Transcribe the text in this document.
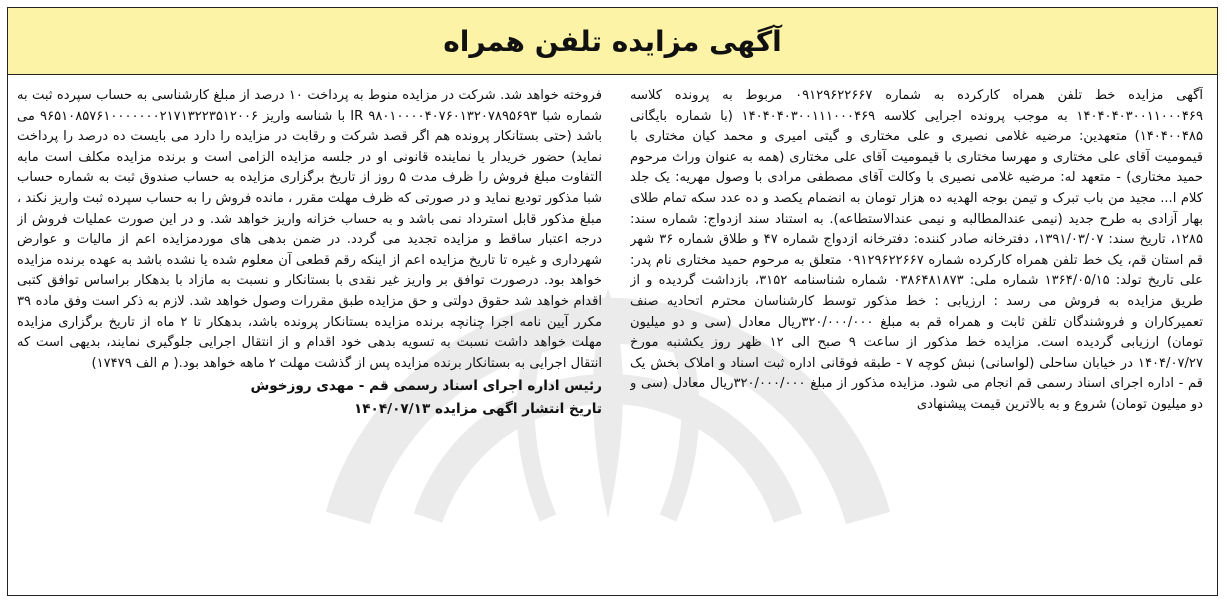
آگهی مزایده تلفن همراه

آگهی مزایده خط تلفن همراه کارکرده به شماره ۰۹۱۲۹۶۲۲۶۶۷ مربوط به پرونده کلاسه ۱۴۰۴۰۴۰۳۰۰۱۱۰۰۰۴۶۹ به موجب پرونده اجرایی کلاسه ۱۴۰۴۰۴۰۳۰۰۱۱۱۰۰۰۴۶۹ (با شماره بایگانی ۱۴۰۴۰۰۴۸۵) متعهدین: مرضیه غلامی نصیری و علی مختاری و گیتی امیری و محمد کیان مختاری با قیمومیت آقای علی مختاری و مهرسا مختاری با قیمومیت آقای علی مختاری (همه به عنوان وراث مرحوم حمید مختاری) - متعهد له: مرضیه غلامی نصیری با وکالت آقای مصطفی مرادی با وصول مهریه: یک جلد کلام ا... مجید من باب تبرک و تیمن بوجه الهدیه ده هزار تومان به انضمام یکصد و ده عدد سکه تمام طلای بهار آزادی به طرح جدید (نیمی عندالمطالبه و نیمی عندالاستطاعه). به استناد سند ازدواج: شماره سند: ۱۲۸۵، تاریخ سند: ۱۳۹۱/۰۳/۰۷، دفترخانه صادر کننده: دفترخانه ازدواج شماره ۴۷ و طلاق شماره ۳۶ شهر قم استان قم، یک خط تلفن همراه کارکرده شماره ۰۹۱۲۹۶۲۲۶۶۷ متعلق به مرحوم حمید مختاری نام پدر: علی تاریخ تولد: ۱۳۶۴/۰۵/۱۵ شماره ملی: ۰۳۸۶۴۸۱۸۷۳ شماره شناسنامه ۳۱۵۲، بازداشت گردیده و از طریق مزایده به فروش می رسد : ارزیابی : خط مذکور توسط کارشناسان محترم اتحادیه صنف تعمیرکاران و فروشندگان تلفن ثابت و همراه قم به مبلغ ۳۲۰/۰۰۰/۰۰۰ریال معادل (سی و دو میلیون تومان) ارزیابی گردیده است. مزایده خط مذکور از ساعت ۹ صبح الی ۱۲ ظهر روز یکشنبه مورخ ۱۴۰۴/۰۷/۲۷ در خیابان ساحلی (لواسانی) نبش کوچه ۷ - طبقه فوقانی اداره ثبت اسناد و املاک بخش یک قم - اداره اجرای اسناد رسمی قم انجام می شود. مزایده مذکور از مبلغ ۳۲۰/۰۰۰/۰۰۰ریال معادل (سی و دو میلیون تومان) شروع و به بالاترین قیمت پیشنهادی

فروخته خواهد شد. شرکت در مزایده منوط به پرداخت ۱۰ درصد از مبلغ کارشناسی به حساب سپرده ثبت به شماره شبا IR ۹۸۰۱۰۰۰۰۴۰۷۶۰۱۳۲۰۷۸۹۵۶۹۳ با شناسه واریز ۹۶۵۱۰۸۵۷۶۱۰۰۰۰۰۰۰۲۱۷۱۳۲۲۳۵۱۲۰۰۶ می باشد (حتی بستانکار پرونده هم اگر قصد شرکت و رقابت در مزایده را دارد می بایست ده درصد را پرداخت نماید) حضور خریدار یا نماینده قانونی او در جلسه مزایده الزامی است و برنده مزایده مکلف است مابه التفاوت مبلغ فروش را ظرف مدت ۵ روز از تاریخ برگزاری مزایده به حساب صندوق ثبت به شماره حساب شبا مذکور تودیع نماید و در صورتی که ظرف مهلت مقرر ، مانده فروش را به حساب سپرده ثبت واریز نکند ، مبلغ مذکور قابل استرداد نمی باشد و به حساب خزانه واریز خواهد شد. و در این صورت عملیات فروش از درجه اعتبار ساقط و مزایده تجدید می گردد. در ضمن بدهی های موردمزایده اعم از مالیات و عوارض شهرداری و غیره تا تاریخ مزایده اعم از اینکه رقم قطعی آن معلوم شده یا نشده باشد به عهده برنده مزایده خواهد بود. درصورت توافق بر واریز غیر نقدی با بستانکار و نسبت به مازاد با بدهکار براساس توافق کتبی اقدام خواهد شد حقوق دولتی و حق مزایده طبق مقررات وصول خواهد شد. لازم به ذکر است وفق ماده ۳۹ مکرر آیین نامه اجرا چنانچه برنده مزایده بستانکار پرونده باشد، بدهکار تا ۲ ماه از تاریخ برگزاری مزایده مهلت خواهد داشت نسبت به تسویه بدهی خود اقدام و از انتقال اجرایی جلوگیری نمایند، بدیهی است که انتقال اجرایی به بستانکار برنده مزایده پس از گذشت مهلت ۲ ماهه خواهد بود.( م الف ۱۷۴۷۹)

رئیس اداره اجرای اسناد رسمی قم - مهدی روزخوش
تاریخ انتشار اگهی مزایده ۱۴۰۴/۰۷/۱۳
